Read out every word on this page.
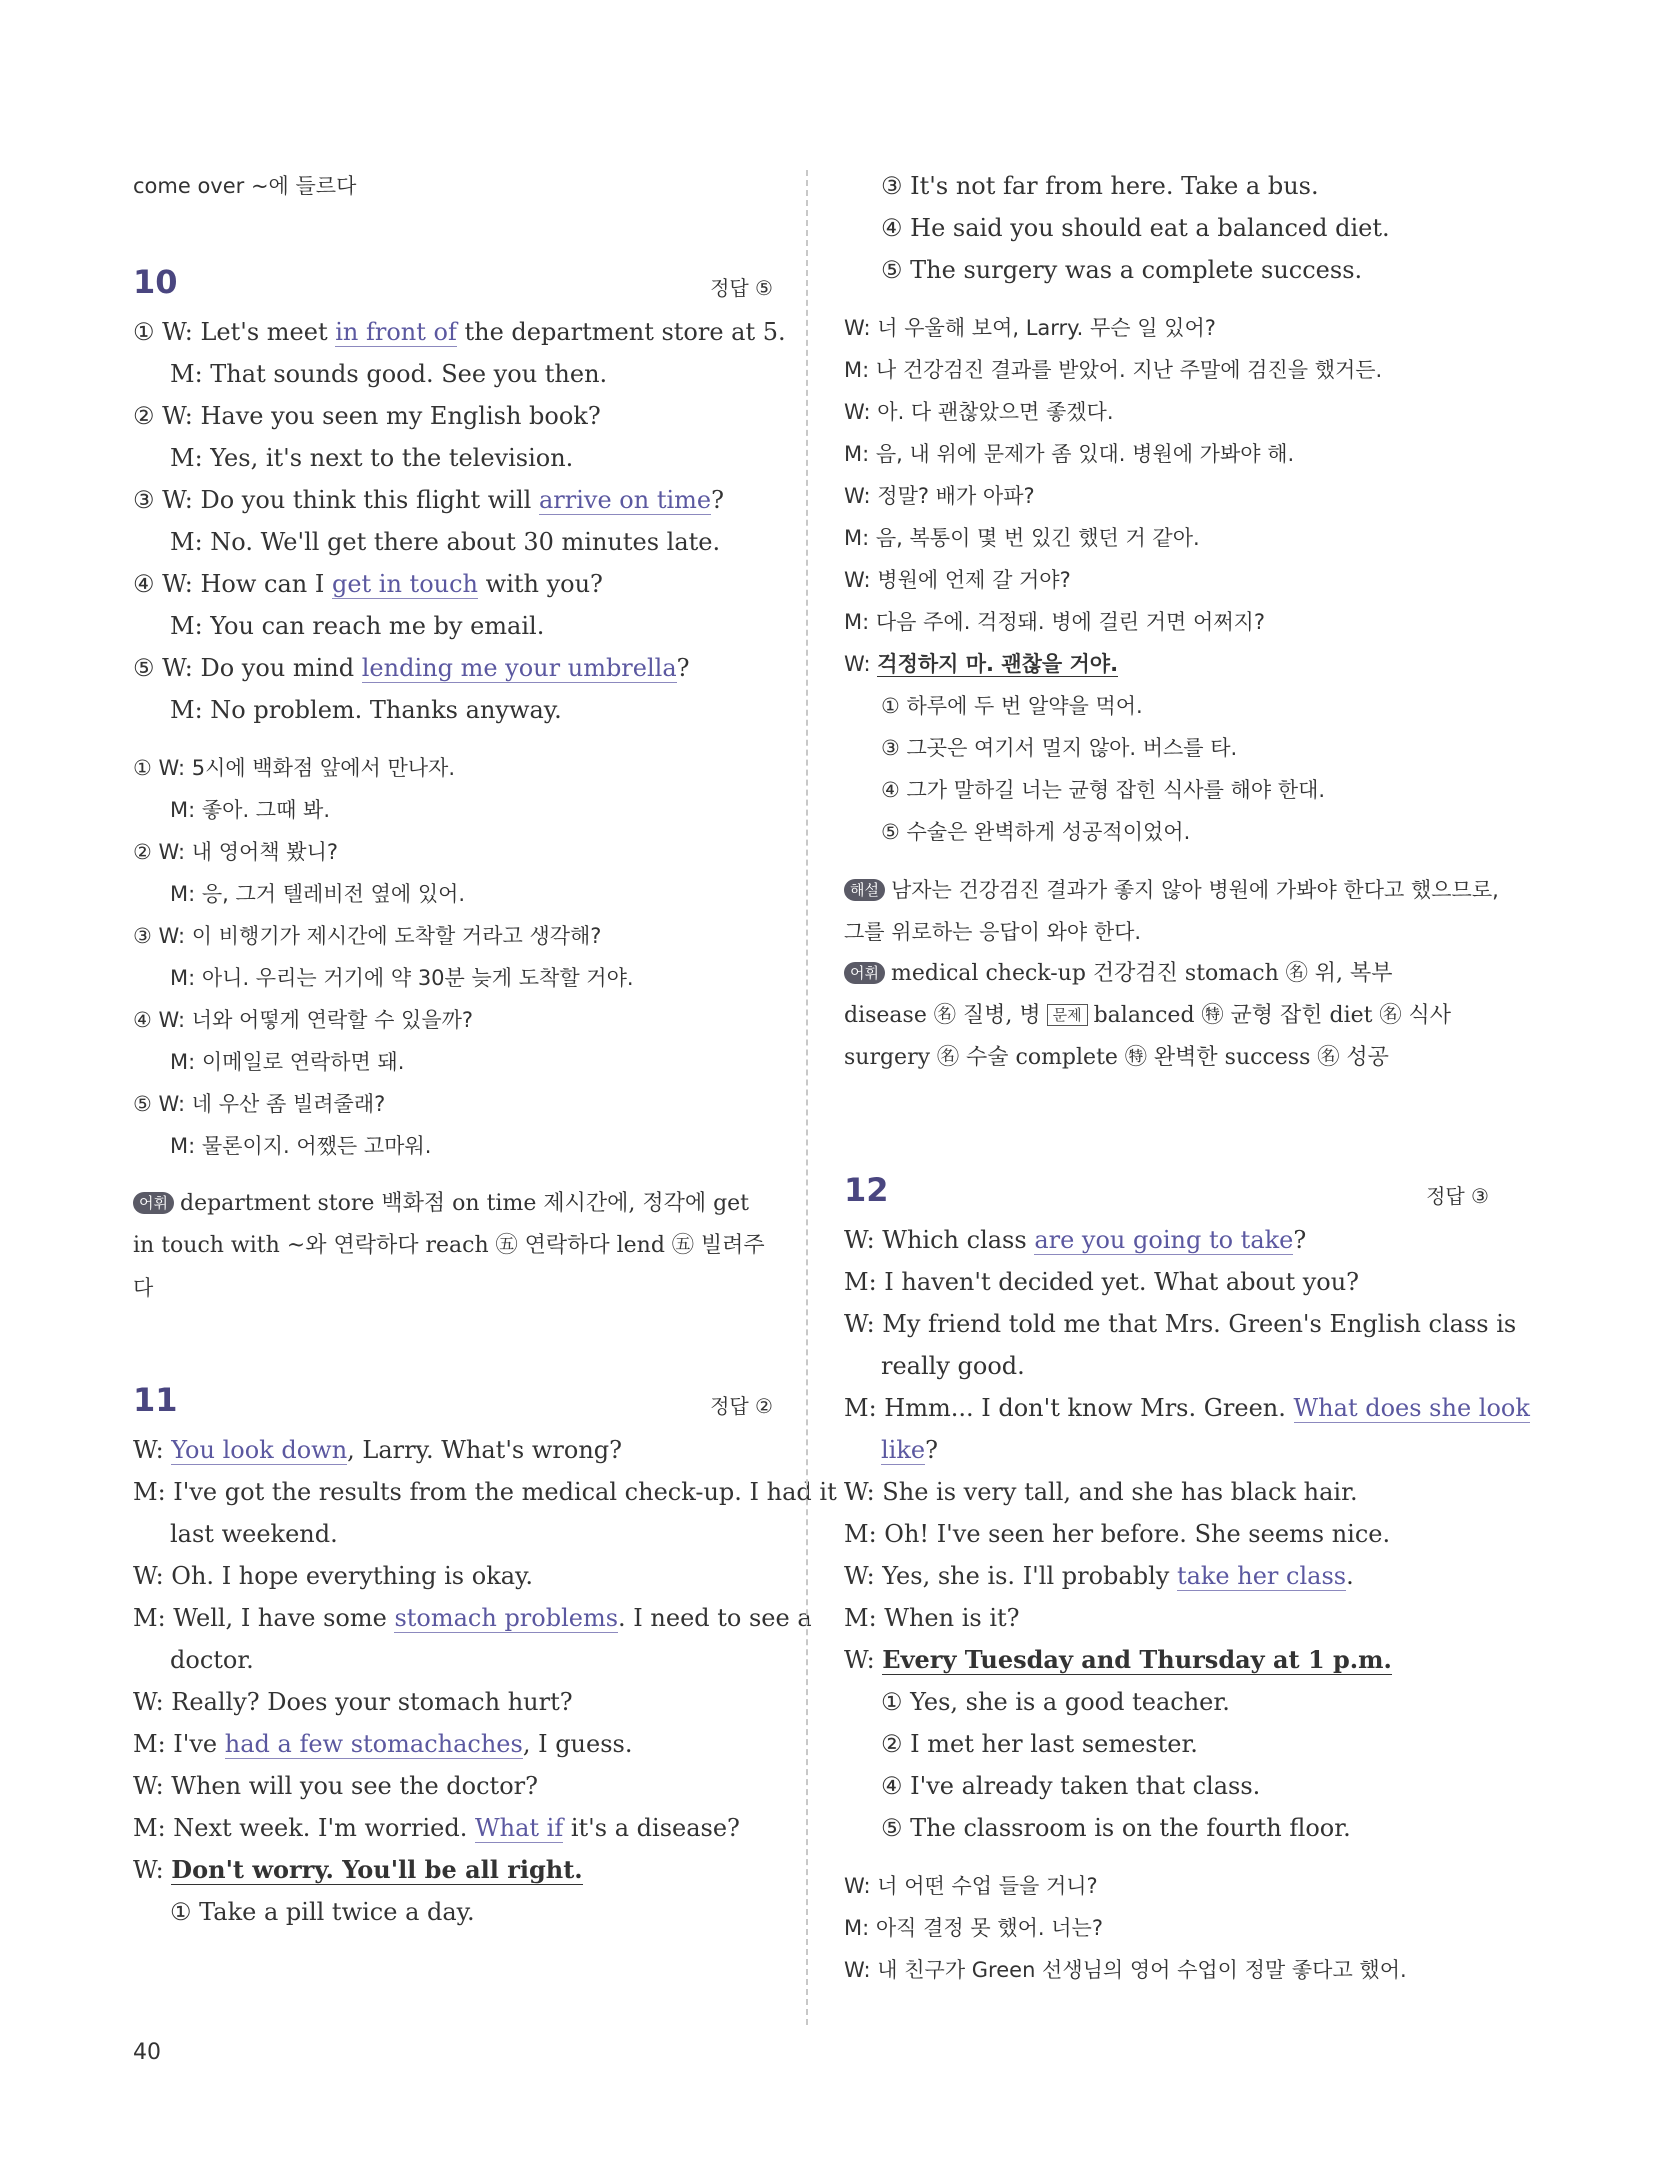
come over ~에 들르다
10	정답 ⑤
① W: Let's meet in front of the department store at 5.
M: That sounds good. See you then.
② W: Have you seen my English book?
M: Yes, it's next to the television.
③ W: Do you think this flight will arrive on time?
M: No. We'll get there about 30 minutes late.
④ W: How can I get in touch with you?
M: You can reach me by email.
⑤ W: Do you mind lending me your umbrella?
M: No problem. Thanks anyway.
① W: 5시에 백화점 앞에서 만나자.
M: 좋아. 그때 봐.
② W: 내 영어책 봤니?
M: 응, 그거 텔레비전 옆에 있어.
③ W: 이 비행기가 제시간에 도착할 거라고 생각해?
M: 아니. 우리는 거기에 약 30분 늦게 도착할 거야.
④ W: 너와 어떻게 연락할 수 있을까?
M: 이메일로 연락하면 돼.
⑤ W: 네 우산 좀 빌려줄래?
M: 물론이지. 어쨌든 고마워.
어휘 department store 백화점 on time 제시간에, 정각에 get
in touch with ~와 연락하다 reach ㊄ 연락하다 lend ㊄ 빌려주
다
11	정답 ②
W: You look down, Larry. What's wrong?
M: I've got the results from the medical check-up. I had it
last weekend.
W: Oh. I hope everything is okay.
M: Well, I have some stomach problems. I need to see a
doctor.
W: Really? Does your stomach hurt?
M: I've had a few stomachaches, I guess.
W: When will you see the doctor?
M: Next week. I'm worried. What if it's a disease?
W: Don't worry. You'll be all right.
① Take a pill twice a day.
③ It's not far from here. Take a bus.
④ He said you should eat a balanced diet.
⑤ The surgery was a complete success.
W: 너 우울해 보여, Larry. 무슨 일 있어?
M: 나 건강검진 결과를 받았어. 지난 주말에 검진을 했거든.
W: 아. 다 괜찮았으면 좋겠다.
M: 음, 내 위에 문제가 좀 있대. 병원에 가봐야 해.
W: 정말? 배가 아파?
M: 음, 복통이 몇 번 있긴 했던 거 같아.
W: 병원에 언제 갈 거야?
M: 다음 주에. 걱정돼. 병에 걸린 거면 어쩌지?
W: 걱정하지 마. 괜찮을 거야.
① 하루에 두 번 알약을 먹어.
③ 그곳은 여기서 멀지 않아. 버스를 타.
④ 그가 말하길 너는 균형 잡힌 식사를 해야 한대.
⑤ 수술은 완벽하게 성공적이었어.
해설 남자는 건강검진 결과가 좋지 않아 병원에 가봐야 한다고 했으므로,
그를 위로하는 응답이 와야 한다.
어휘 medical check-up 건강검진 stomach ㊔ 위, 복부
disease ㊔ 질병, 병 문제 balanced ㊕ 균형 잡힌 diet ㊔ 식사
surgery ㊔ 수술 complete ㊕ 완벽한 success ㊔ 성공
12	정답 ③
W: Which class are you going to take?
M: I haven't decided yet. What about you?
W: My friend told me that Mrs. Green's English class is
really good.
M: Hmm... I don't know Mrs. Green. What does she look
like?
W: She is very tall, and she has black hair.
M: Oh! I've seen her before. She seems nice.
W: Yes, she is. I'll probably take her class.
M: When is it?
W: Every Tuesday and Thursday at 1 p.m.
① Yes, she is a good teacher.
② I met her last semester.
④ I've already taken that class.
⑤ The classroom is on the fourth floor.
W: 너 어떤 수업 들을 거니?
M: 아직 결정 못 했어. 너는?
W: 내 친구가 Green 선생님의 영어 수업이 정말 좋다고 했어.
40
